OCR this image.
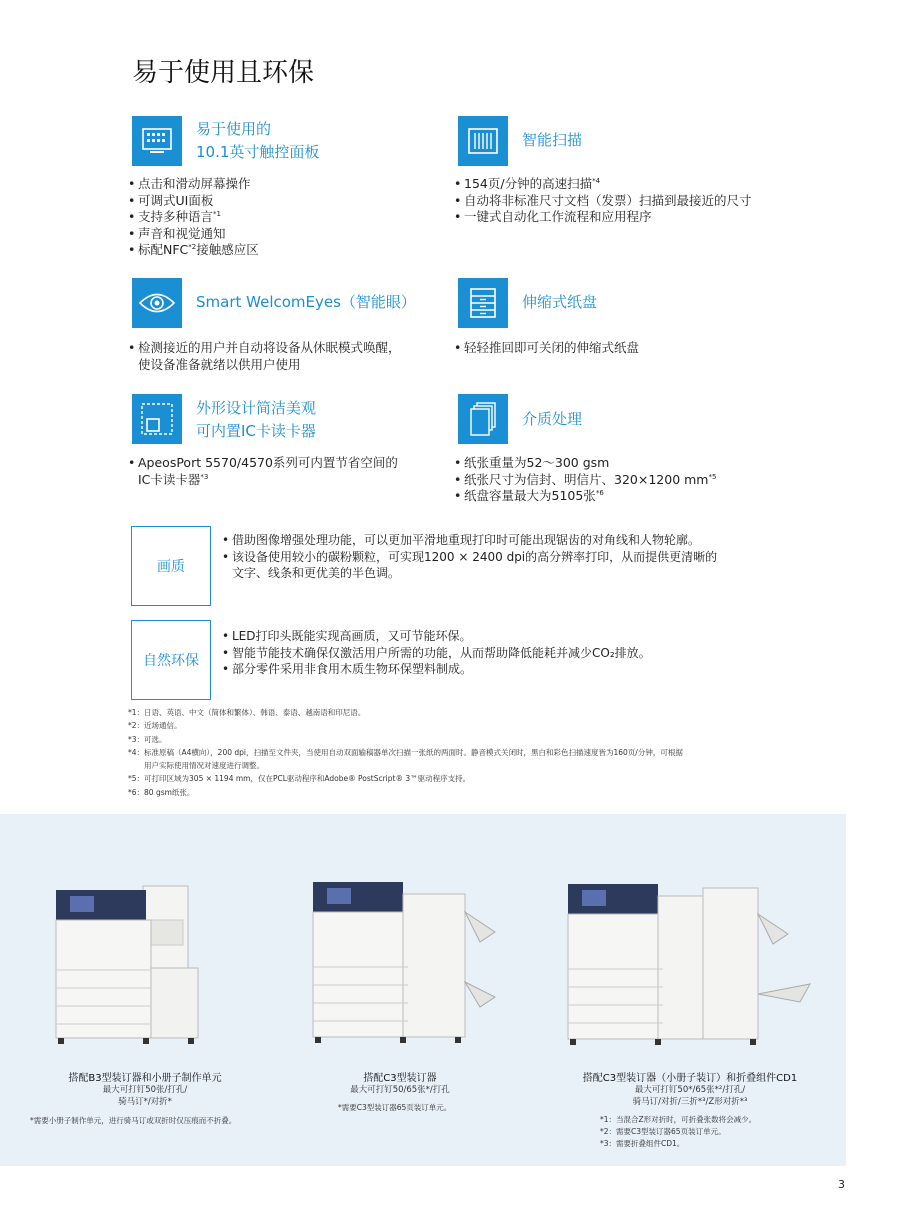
易于使用且环保
易于使用的
10.1英寸触控面板
• 点击和滑动屏幕操作
• 可调式UI面板
• 支持多种语言$^{*1}$
• 声音和视觉通知
• 标配NFC$^{*2}$接触感应区
智能扫描
• 154页/分钟的高速扫描$^{*4}$
• 自动将非标准尺寸文档（发票）扫描到最接近的尺寸
• 一键式自动化工作流程和应用程序
Smart WelcomEyes（智能眼）
• 检测接近的用户并自动将设备从休眠模式唤醒，
使设备准备就绪以供用户使用
伸缩式纸盘
• 轻轻推回即可关闭的伸缩式纸盘
外形设计简洁美观
可内置IC卡读卡器
• ApeosPort 5570/4570系列可内置节省空间的
IC卡读卡器$^{*3}$
介质处理
• 纸张重量为52～300 gsm
• 纸张尺寸为信封、明信片、320×1200 $mm^{*5}$
• 纸盘容量最大为5105张$^{*6}$
画质
• 借助图像增强处理功能，可以更加平滑地重现打印时可能出现锯齿的对角线和人物轮廓。
• 该设备使用较小的碳粉颗粒，可实现1200 × 2400 dpi的高分辨率打印，从而提供更清晰的
文字、线条和更优美的半色调。
自然环保
• LED打印头既能实现高画质，又可节能环保。
• 智能节能技术确保仅激活用户所需的功能，从而帮助降低能耗并减少CO₂排放。
• 部分零件采用非食用木质生物环保塑料制成。
*1：日语、英语、中文（简体和繁体）、韩语、泰语、越南语和印尼语。
*2：近场通信。
*3：可选。
*4：标准原稿（A4横向），200 dpi，扫描至文件夹，当使用自动双面输稿器单次扫描一张纸的两面时。静音模式关闭时，黑白和彩色扫描速度皆为160页/分钟，可根据
用户实际使用情况对速度进行调整。
*5：可打印区域为305 × 1194 mm，仅在PCL驱动程序和Adobe® PostScript® 3™驱动程序支持。
*6：80 gsm纸张。
搭配B3型装订器和小册子制作单元
最大可打钉50张/打孔/
骑马订*/对折*
*需要小册子制作单元，进行骑马订或双折时仅压痕而不折叠。
搭配C3型装订器
最大可打钉50/65张*/打孔
*需要C3型装订器65页装订单元。
搭配C3型装订器（小册子装订）和折叠组件CD1
最大可打钉50*/65张*²/打孔/
骑马订/对折/三折*³/Z形对折*³
*1：当混合Z形对折时，可折叠张数将会减少。
*2：需要C3型装订器65页装订单元。
*3：需要折叠组件CD1。
3
